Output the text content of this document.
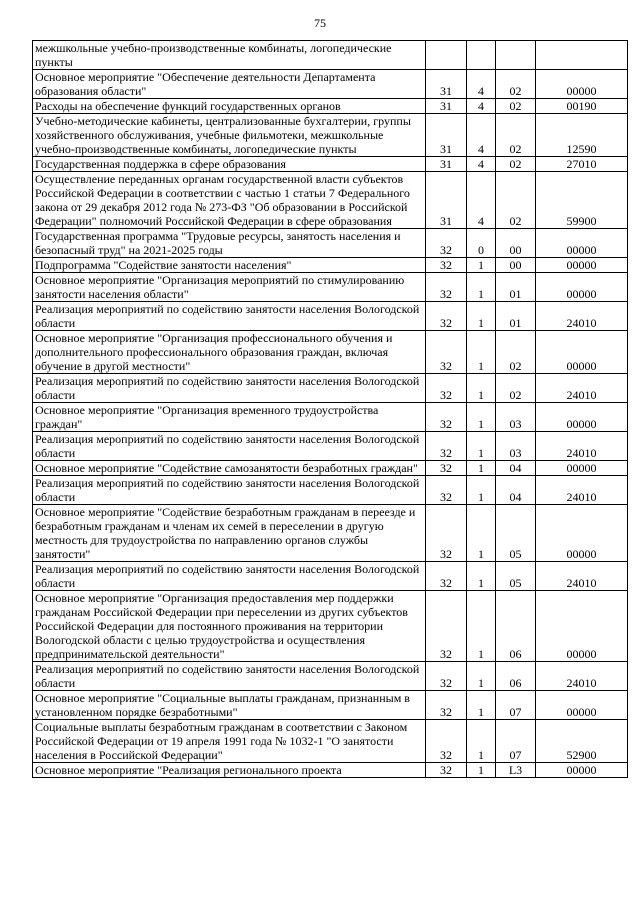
75
межшкольные учебно-производственные комбинаты, логопедические пункты				
Основное мероприятие "Обеспечение деятельности Департамента образования области"	31	4	02	00000
Расходы на обеспечение функций государственных органов	31	4	02	00190
Учебно-методические кабинеты, централизованные бухгалтерии, группы хозяйственного обслуживания, учебные фильмотеки, межшкольные учебно-производственные комбинаты, логопедические пункты	31	4	02	12590
Государственная поддержка в сфере образования	31	4	02	27010
Осуществление переданных органам государственной власти субъектов Российской Федерации в соответствии с частью 1 статьи 7 Федерального закона от 29 декабря 2012 года № 273-ФЗ "Об образовании в Российской Федерации" полномочий Российской Федерации в сфере образования	31	4	02	59900
Государственная программа "Трудовые ресурсы, занятость населения и безопасный труд" на 2021-2025 годы	32	0	00	00000
Подпрограмма "Содействие занятости населения"	32	1	00	00000
Основное мероприятие "Организация мероприятий по стимулированию занятости населения области"	32	1	01	00000
Реализация мероприятий по содействию занятости населения Вологодской области	32	1	01	24010
Основное мероприятие "Организация профессионального обучения и дополнительного профессионального образования граждан, включая обучение в другой местности"	32	1	02	00000
Реализация мероприятий по содействию занятости населения Вологодской области	32	1	02	24010
Основное мероприятие "Организация временного трудоустройства граждан"	32	1	03	00000
Реализация мероприятий по содействию занятости населения Вологодской области	32	1	03	24010
Основное мероприятие "Содействие самозанятости безработных граждан"	32	1	04	00000
Реализация мероприятий по содействию занятости населения Вологодской области	32	1	04	24010
Основное мероприятие "Содействие безработным гражданам в переезде и безработным гражданам и членам их семей в переселении в другую местность для трудоустройства по направлению органов службы занятости"	32	1	05	00000
Реализация мероприятий по содействию занятости населения Вологодской области	32	1	05	24010
Основное мероприятие "Организация предоставления мер поддержки гражданам Российской Федерации при переселении из других субъектов Российской Федерации для постоянного проживания на территории Вологодской области с целью трудоустройства и осуществления предпринимательской деятельности"	32	1	06	00000
Реализация мероприятий по содействию занятости населения Вологодской области	32	1	06	24010
Основное мероприятие "Социальные выплаты гражданам, признанным в установленном порядке безработными"	32	1	07	00000
Социальные выплаты безработным гражданам в соответствии с Законом Российской Федерации от 19 апреля 1991 года № 1032-1 "О занятости населения в Российской Федерации"	32	1	07	52900
Основное мероприятие "Реализация регионального проекта	32	1	L3	00000
